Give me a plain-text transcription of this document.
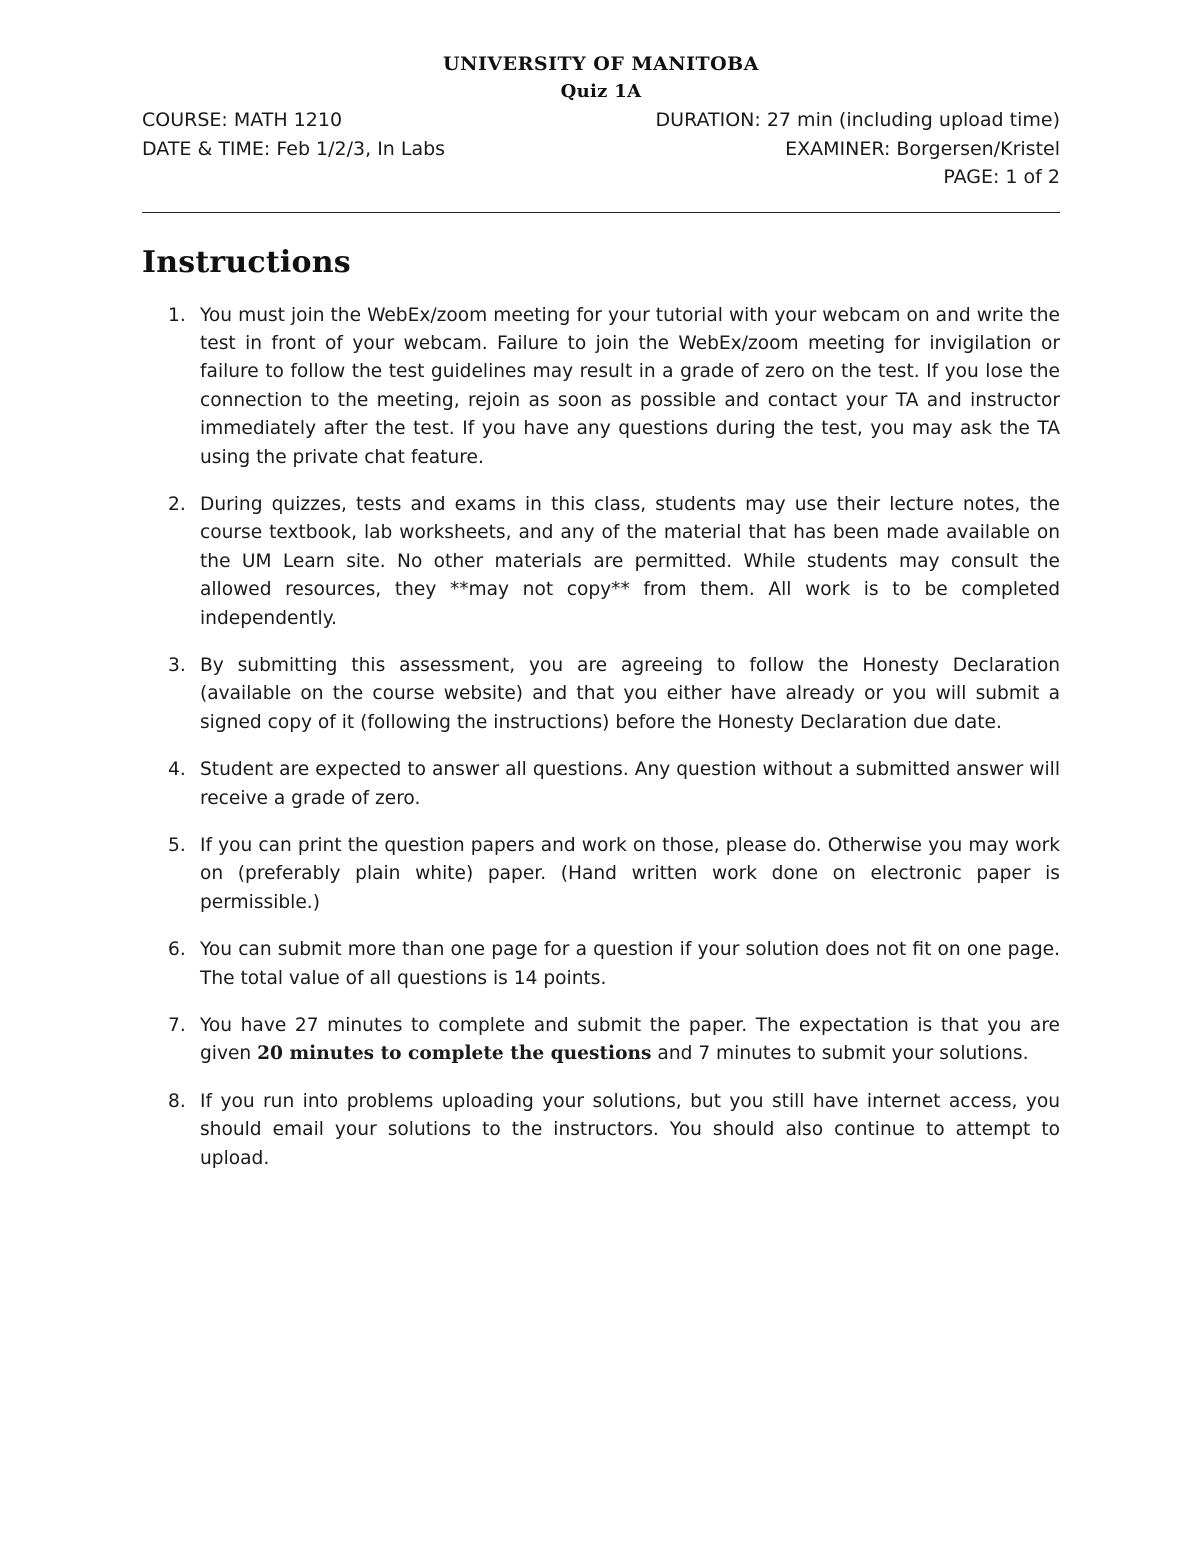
UNIVERSITY OF MANITOBA
Quiz 1A
COURSE: MATH 1210	DURATION: 27 min (including upload time)
DATE & TIME: Feb 1/2/3, In Labs	EXAMINER: Borgersen/Kristel
PAGE: 1 of 2
Instructions
1. You must join the WebEx/zoom meeting for your tutorial with your webcam on and write the test in front of your webcam. Failure to join the WebEx/zoom meeting for invigilation or failure to follow the test guidelines may result in a grade of zero on the test. If you lose the connection to the meeting, rejoin as soon as possible and contact your TA and instructor immediately after the test. If you have any questions during the test, you may ask the TA using the private chat feature.
2. During quizzes, tests and exams in this class, students may use their lecture notes, the course textbook, lab worksheets, and any of the material that has been made available on the UM Learn site. No other materials are permitted. While students may consult the allowed resources, they **may not copy** from them. All work is to be completed independently.
3. By submitting this assessment, you are agreeing to follow the Honesty Declaration (available on the course website) and that you either have already or you will submit a signed copy of it (following the instructions) before the Honesty Declaration due date.
4. Student are expected to answer all questions. Any question without a submitted answer will receive a grade of zero.
5. If you can print the question papers and work on those, please do. Otherwise you may work on (preferably plain white) paper. (Hand written work done on electronic paper is permissible.)
6. You can submit more than one page for a question if your solution does not fit on one page. The total value of all questions is 14 points.
7. You have 27 minutes to complete and submit the paper. The expectation is that you are given 20 minutes to complete the questions and 7 minutes to submit your solutions.
8. If you run into problems uploading your solutions, but you still have internet access, you should email your solutions to the instructors. You should also continue to attempt to upload.
